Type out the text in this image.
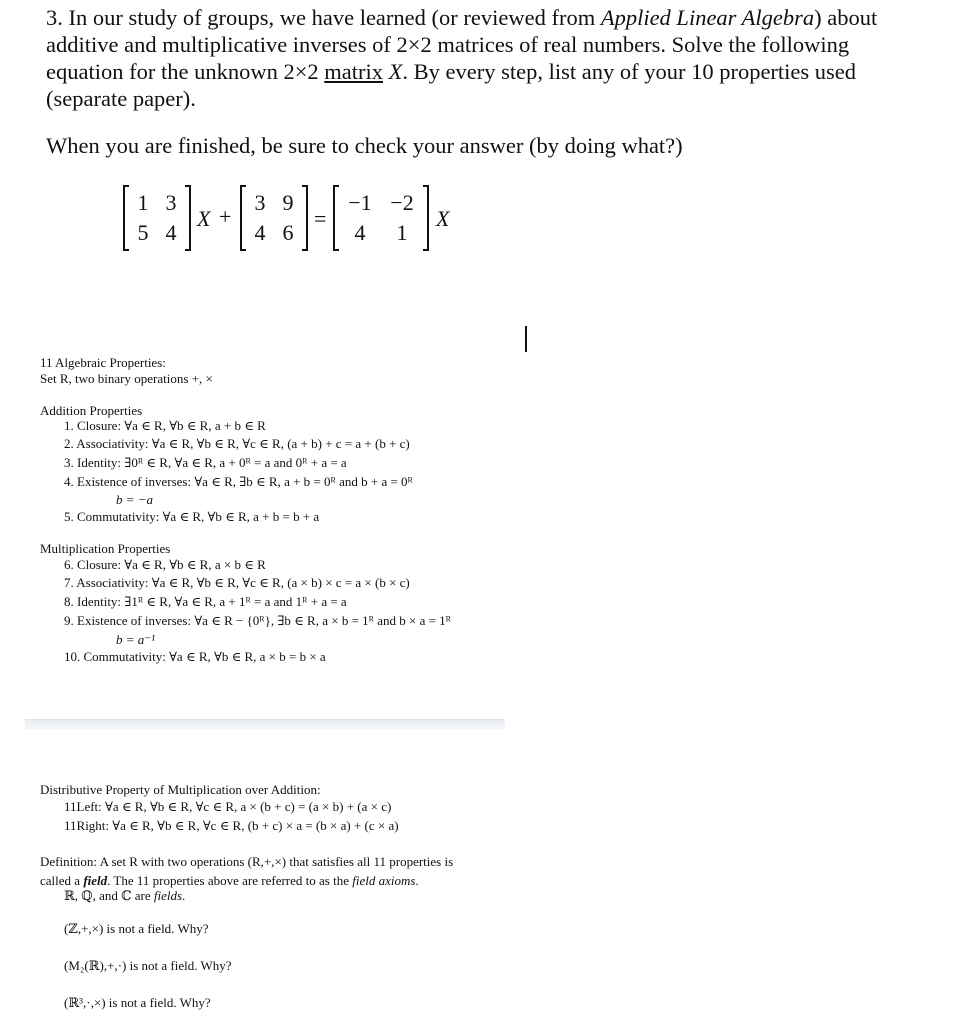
3. In our study of groups, we have learned (or reviewed from Applied Linear Algebra) about
additive and multiplicative inverses of 2×2 matrices of real numbers. Solve the following
equation for the unknown 2×2 matrix X. By every step, list any of your 10 properties used
(separate paper).
When you are finished, be sure to check your answer (by doing what?)
1 3
5 4
X +
3 9
4 6
=
−1 −2
4	1
X
11 Algebraic Properties:
Set R, two binary operations +, ×
Addition Properties
1. Closure: ∀a ∈ R, ∀b ∈ R, a + b ∈ R
2. Associativity: ∀a ∈ R, ∀b ∈ R, ∀c ∈ R, (a + b) + c = a + (b + c)
3. Identity: ∃0ᴿ ∈ R, ∀a ∈ R, a + 0ᴿ = a and 0ᴿ + a = a
4. Existence of inverses: ∀a ∈ R, ∃b ∈ R, a + b = 0ᴿ and b + a = 0ᴿ
b = −a
5. Commutativity: ∀a ∈ R, ∀b ∈ R, a + b = b + a
Multiplication Properties
6. Closure: ∀a ∈ R, ∀b ∈ R, a × b ∈ R
7. Associativity: ∀a ∈ R, ∀b ∈ R, ∀c ∈ R, (a × b) × c = a × (b × c)
8. Identity: ∃1ᴿ ∈ R, ∀a ∈ R, a + 1ᴿ = a and 1ᴿ + a = a
9. Existence of inverses: ∀a ∈ R − {0ᴿ}, ∃b ∈ R, a × b = 1ᴿ and b × a = 1ᴿ
b = a⁻¹
10. Commutativity: ∀a ∈ R, ∀b ∈ R, a × b = b × a
Distributive Property of Multiplication over Addition:
11Left: ∀a ∈ R, ∀b ∈ R, ∀c ∈ R, a × (b + c) = (a × b) + (a × c)
11Right: ∀a ∈ R, ∀b ∈ R, ∀c ∈ R, (b + c) × a = (b × a) + (c × a)
Definition: A set R with two operations (R,+,×) that satisfies all 11 properties is
called a field. The 11 properties above are referred to as the field axioms.
ℝ, ℚ, and ℂ are fields.
(ℤ,+,×) is not a field. Why?
(M₂(ℝ),+,·) is not a field. Why?
(ℝ³,·,×) is not a field. Why?
